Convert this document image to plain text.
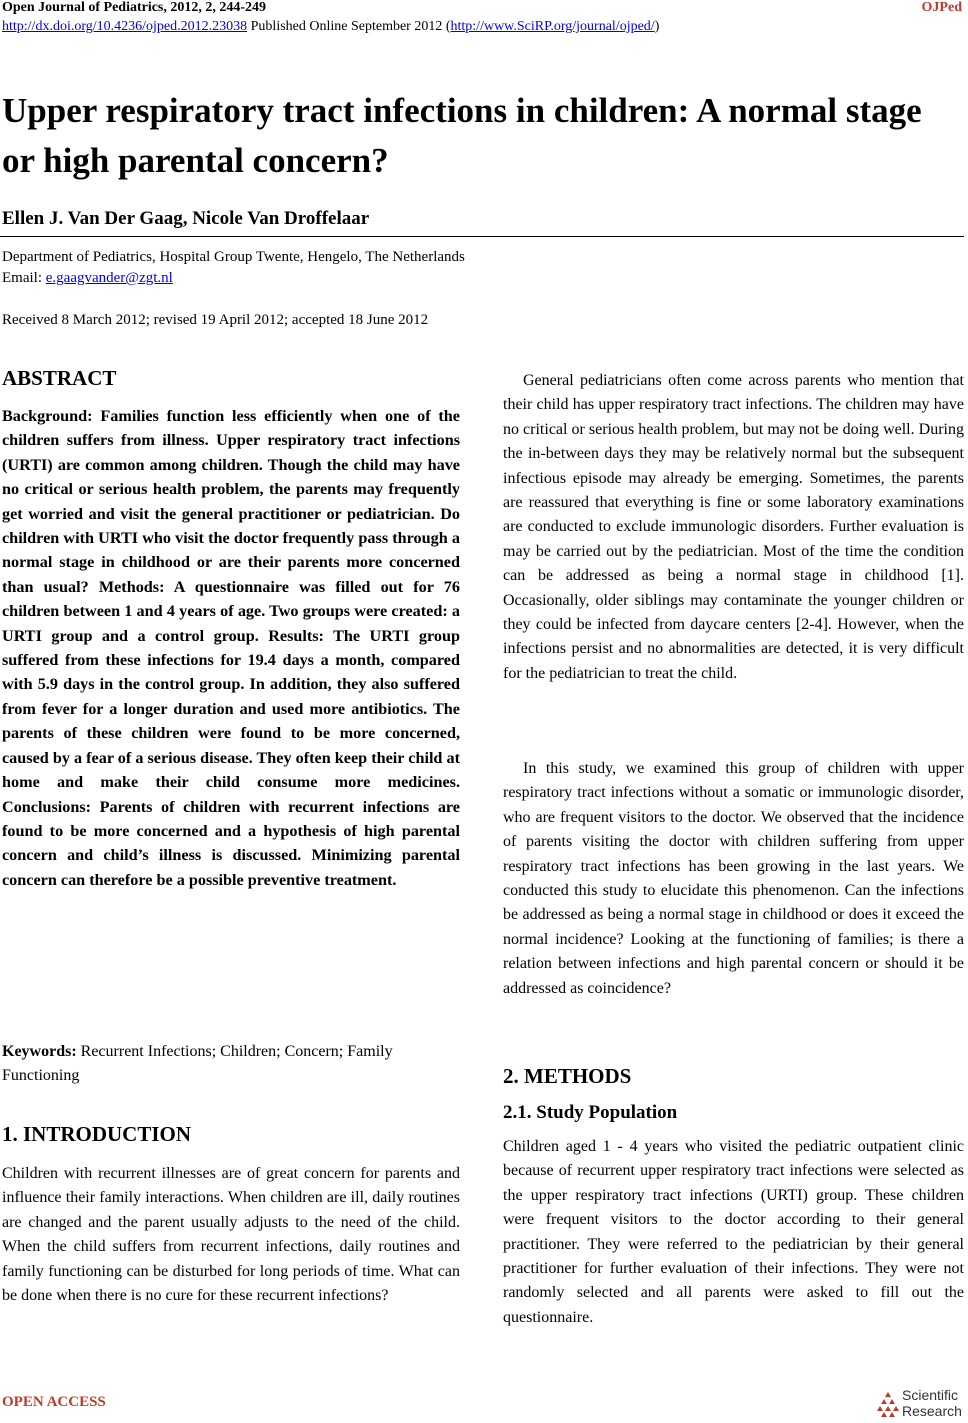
Open Journal of Pediatrics, 2012, 2, 244-249	OJPed
http://dx.doi.org/10.4236/ojped.2012.23038 Published Online September 2012 (http://www.SciRP.org/journal/ojped/)
Upper respiratory tract infections in children: A normal stage or high parental concern?
Ellen J. Van Der Gaag, Nicole Van Droffelaar
Department of Pediatrics, Hospital Group Twente, Hengelo, The Netherlands
Email: e.gaagvander@zgt.nl
Received 8 March 2012; revised 19 April 2012; accepted 18 June 2012
ABSTRACT

Background: Families function less efficiently when one of the children suffers from illness. Upper respiratory tract infections (URTI) are common among children. Though the child may have no critical or serious health problem, the parents may frequently get worried and visit the general practitioner or pediatrician. Do children with URTI who visit the doctor frequently pass through a normal stage in childhood or are their parents more concerned than usual? Methods: A questionnaire was filled out for 76 children between 1 and 4 years of age. Two groups were created: a URTI group and a control group. Results: The URTI group suffered from these infections for 19.4 days a month, compared with 5.9 days in the control group. In addition, they also suffered from fever for a longer duration and used more antibiotics. The parents of these children were found to be more concerned, caused by a fear of a serious disease. They often keep their child at home and make their child consume more medicines. Conclusions: Parents of children with recurrent infections are found to be more concerned and a hypothesis of high parental concern and child’s illness is discussed. Minimizing parental concern can therefore be a possible preventive treatment.

Keywords: Recurrent Infections; Children; Concern; Family Functioning

1. INTRODUCTION

Children with recurrent illnesses are of great concern for parents and influence their family interactions. When children are ill, daily routines are changed and the parent usually adjusts to the need of the child. When the child suffers from recurrent infections, daily routines and family functioning can be disturbed for long periods of time. What can be done when there is no cure for these recurrent infections?

General pediatricians often come across parents who mention that their child has upper respiratory tract infections. The children may have no critical or serious health problem, but may not be doing well. During the in-between days they may be relatively normal but the subsequent infectious episode may already be emerging. Sometimes, the parents are reassured that everything is fine or some laboratory examinations are conducted to exclude immunologic disorders. Further evaluation is may be carried out by the pediatrician. Most of the time the condition can be addressed as being a normal stage in childhood [1]. Occasionally, older siblings may contaminate the younger children or they could be infected from daycare centers [2-4]. However, when the infections persist and no abnormalities are detected, it is very difficult for the pediatrician to treat the child.

In this study, we examined this group of children with upper respiratory tract infections without a somatic or immunologic disorder, who are frequent visitors to the doctor. We observed that the incidence of parents visiting the doctor with children suffering from upper respiratory tract infections has been growing in the last years. We conducted this study to elucidate this phenomenon. Can the infections be addressed as being a normal stage in childhood or does it exceed the normal incidence? Looking at the functioning of families; is there a relation between infections and high parental concern or should it be addressed as coincidence?

2. METHODS
2.1. Study Population

Children aged 1 - 4 years who visited the pediatric outpatient clinic because of recurrent upper respiratory tract infections were selected as the upper respiratory tract infections (URTI) group. These children were frequent visitors to the doctor according to their general practitioner. They were referred to the pediatrician by their general practitioner for further evaluation of their infections. They were not randomly selected and all parents were asked to fill out the questionnaire.

OPEN ACCESS	Scientific
Research
